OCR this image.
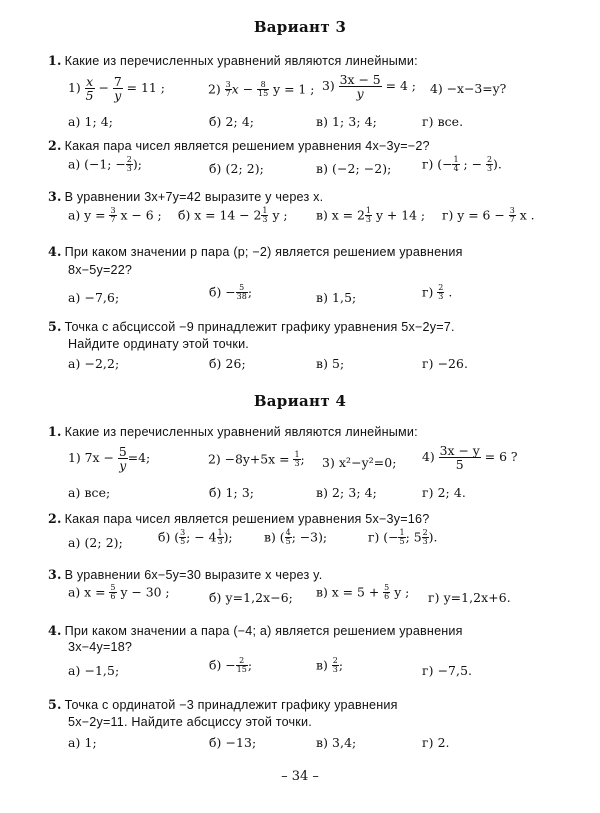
Вариант 3
1. Какие из перечисленных уравнений являются линейными:
$1) \frac{x}{5} - \frac{7}{y} = 11$ ;	$2) \frac{3}{7}$ $x - \frac{8}{15}$ y = 1 ; $3) \frac{3x - 5}{y} = 4$ ; 4) −x−3=y?
а) 1; 4;	б) 2; 4;	в) 1; 3; 4;	г) все.
2. Какая пара чисел является решением уравнения 4x−3y=−2?
а) (−1; − $\frac{2}{3}$ );	б) (2; 2);	в) (−2; −2); г) (− $\frac{1}{4}$ ; − $\frac{2}{3}$ ).
3. В уравнении 3x+7y=42 выразите y через x.
а) $y = \frac{3}{7}$ x − 6 ; б) $x = 14 - 2 \frac{1}{3}$ y ; в) $x = 2 \frac{1}{3}$ y + 14 ; г) $y = 6 - \frac{3}{7}$ x .
4. При каком значении p пара (p; −2) является решением уравнения
8x−5y=22?
а) −7,6;	$б) - \frac{5}{38}$ ;	в) 1,5;	$г) \frac{2}{3}$ .
5. Точка с абсциссой −9 принадлежит графику уравнения 5x−2y=7.
Найдите ординату этой точки.
а) −2,2;	б) 26;	в) 5;	г) −26.
Вариант 4
1. Какие из перечисленных уравнений являются линейными:
1) $7x - \frac{5}{y} =4$;	$2) -8y+5x = \frac{1}{3}$ ; 3) x²−y²=0; $4) \frac{3x - y}{5} = 6$ ?
а) все;	б) 1; 3;	в) 2; 3; 4;	г) 2; 4.
2. Какая пара чисел является решением уравнения 5x−3y=16?
а) (2; 2);	б) ( $\frac{3}{5}$ ; − $4 \frac{1}{3}$ );	в) ( $\frac{4}{5}$ ; −3);	г) (− $\frac{1}{5}$ ; $5 \frac{2}{3}$ ).
3. В уравнении 6x−5y=30 выразите x через y.
а) $x = \frac{5}{6}$ y − 30 ;	б) y=1,2x−6; в) $x = 5 + \frac{5}{6}$ y ; г) y=1,2x+6.
4. При каком значении a пара (−4; a) является решением уравнения
3x−4y=18?
а) −1,5;	$б) - \frac{2}{15}$ ;	$в) \frac{2}{3}$ ;	г) −7,5.
5. Точка с ординатой −3 принадлежит графику уравнения
5x−2y=11. Найдите абсциссу этой точки.
а) 1;	б) −13;	в) 3,4;	г) 2.
– 34 –
